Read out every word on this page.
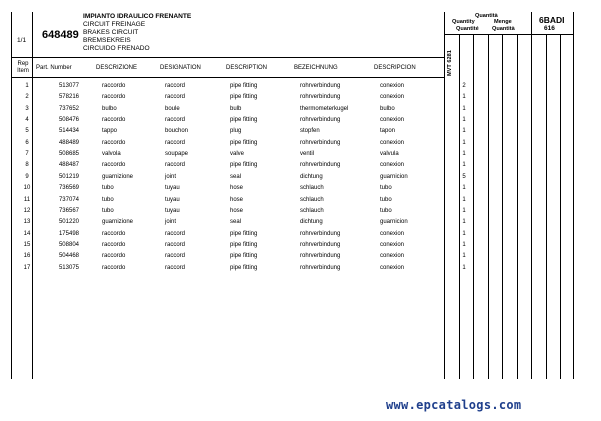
1/1 648489
IMPIANTO IDRAULICO FRENANTE
CIRCUIT FREINAGE
BRAKES CIRCUIT
BREMSEKREIS
CIRCUIDO FRENADO
Quantità
Quantity	Menge
Quantité Quantità
6BADI
616
Rep Item	Part. Number	DESCRIZIONE	DESIGNATION	DESCRIPTION	BEZEICHNUNG	DESCRIPCION	MVT 6281
1	513077	raccordo	raccord	pipe fitting	rohrverbindung	conexion	2
2	578216	raccordo	raccord	pipe fitting	rohrverbindung	conexion	1
3	737652	bulbo	boule	bulb	thermometerkugel	bulbo	1
4	508476	raccordo	raccord	pipe fitting	rohrverbindung	conexion	1
5	514434	tappo	bouchon	plug	stopfen	tapon	1
6	488489	raccordo	raccord	pipe fitting	rohrverbindung	conexion	1
7	508685	valvola	soupape	valve	ventil	valvula	1
8	488487	raccordo	raccord	pipe fitting	rohrverbindung	conexion	1
9	501219	guarnizione	joint	seal	dichtung	guarnicion	5
10	736569	tubo	tuyau	hose	schlauch	tubo	1
11	737074	tubo	tuyau	hose	schlauch	tubo	1
12	736567	tubo	tuyau	hose	schlauch	tubo	1
13	501220	guarnizione	joint	seal	dichtung	guarnicion	1
14	175498	raccordo	raccord	pipe fitting	rohrverbindung	conexion	1
15	508804	raccordo	raccord	pipe fitting	rohrverbindung	conexion	1
16	504468	raccordo	raccord	pipe fitting	rohrverbindung	conexion	1
17	513075	raccordo	raccord	pipe fitting	rohrverbindung	conexion	1
www.epcatalogs.com
